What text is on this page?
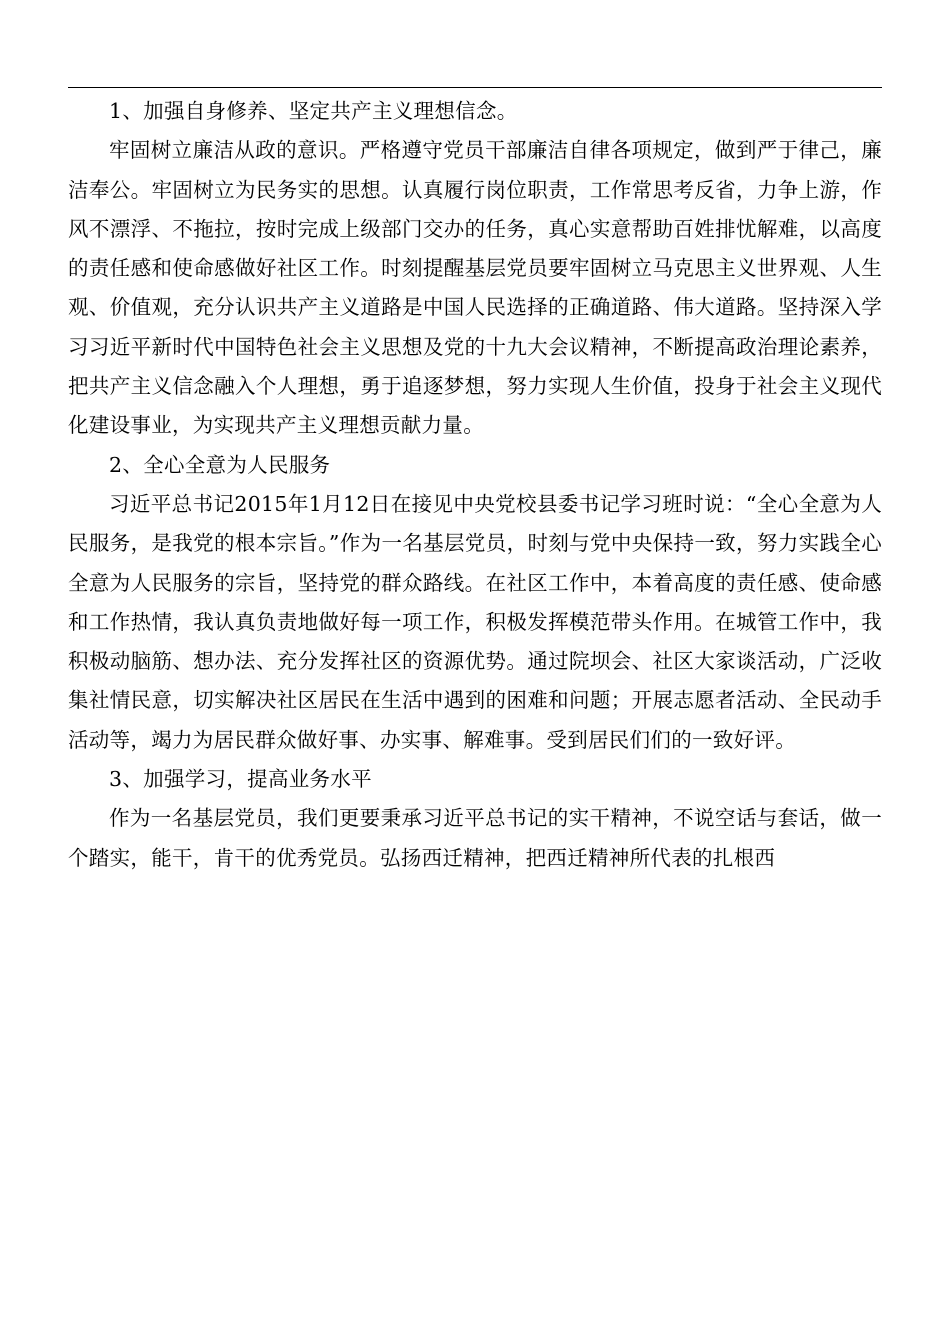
1、加强自身修养、坚定共产主义理想信念。

牢固树立廉洁从政的意识。严格遵守党员干部廉洁自律各项规定，做到严于律己，廉洁奉公。牢固树立为民务实的思想。认真履行岗位职责，工作常思考反省，力争上游，作风不漂浮、不拖拉，按时完成上级部门交办的任务，真心实意帮助百姓排忧解难，以高度的责任感和使命感做好社区工作。时刻提醒基层党员要牢固树立马克思主义世界观、人生观、价值观，充分认识共产主义道路是中国人民选择的正确道路、伟大道路。坚持深入学习习近平新时代中国特色社会主义思想及党的十九大会议精神，不断提高政治理论素养，把共产主义信念融入个人理想，勇于追逐梦想，努力实现人生价值，投身于社会主义现代化建设事业，为实现共产主义理想贡献力量。

2、全心全意为人民服务

习近平总书记2015年1月12日在接见中央党校县委书记学习班时说：“全心全意为人民服务，是我党的根本宗旨。”作为一名基层党员，时刻与党中央保持一致，努力实践全心全意为人民服务的宗旨，坚持党的群众路线。在社区工作中，本着高度的责任感、使命感和工作热情，我认真负责地做好每一项工作，积极发挥模范带头作用。在城管工作中，我积极动脑筋、想办法、充分发挥社区的资源优势。通过院坝会、社区大家谈活动，广泛收集社情民意，切实解决社区居民在生活中遇到的困难和问题；开展志愿者活动、全民动手活动等，竭力为居民群众做好事、办实事、解难事。受到居民们们的一致好评。

3、加强学习，提高业务水平

作为一名基层党员，我们更要秉承习近平总书记的实干精神，不说空话与套话，做一个踏实，能干，肯干的优秀党员。弘扬西迁精神，把西迁精神所代表的扎根西
